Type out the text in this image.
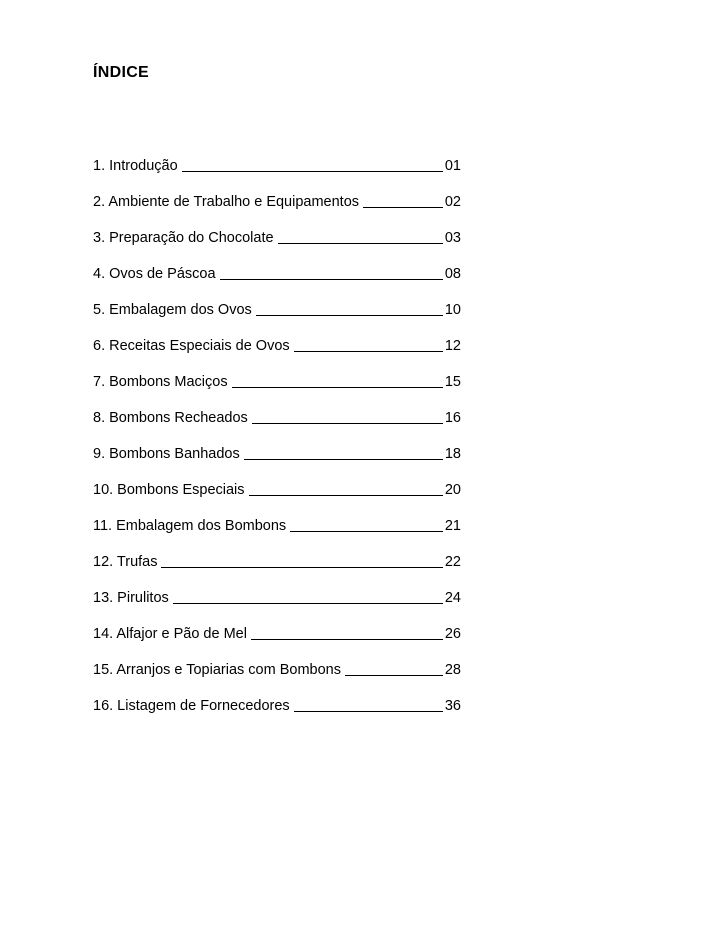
ÍNDICE
1. Introdução	01
2. Ambiente de Trabalho e Equipamentos	02
3. Preparação do Chocolate	03
4. Ovos de Páscoa	08
5. Embalagem dos Ovos	10
6. Receitas Especiais de Ovos	12
7. Bombons Maciços	15
8. Bombons Recheados	16
9. Bombons Banhados	18
10. Bombons Especiais	20
11. Embalagem dos Bombons	21
12. Trufas	22
13. Pirulitos	24
14. Alfajor e Pão de Mel	26
15. Arranjos e Topiarias com Bombons	28
16. Listagem de Fornecedores	36
